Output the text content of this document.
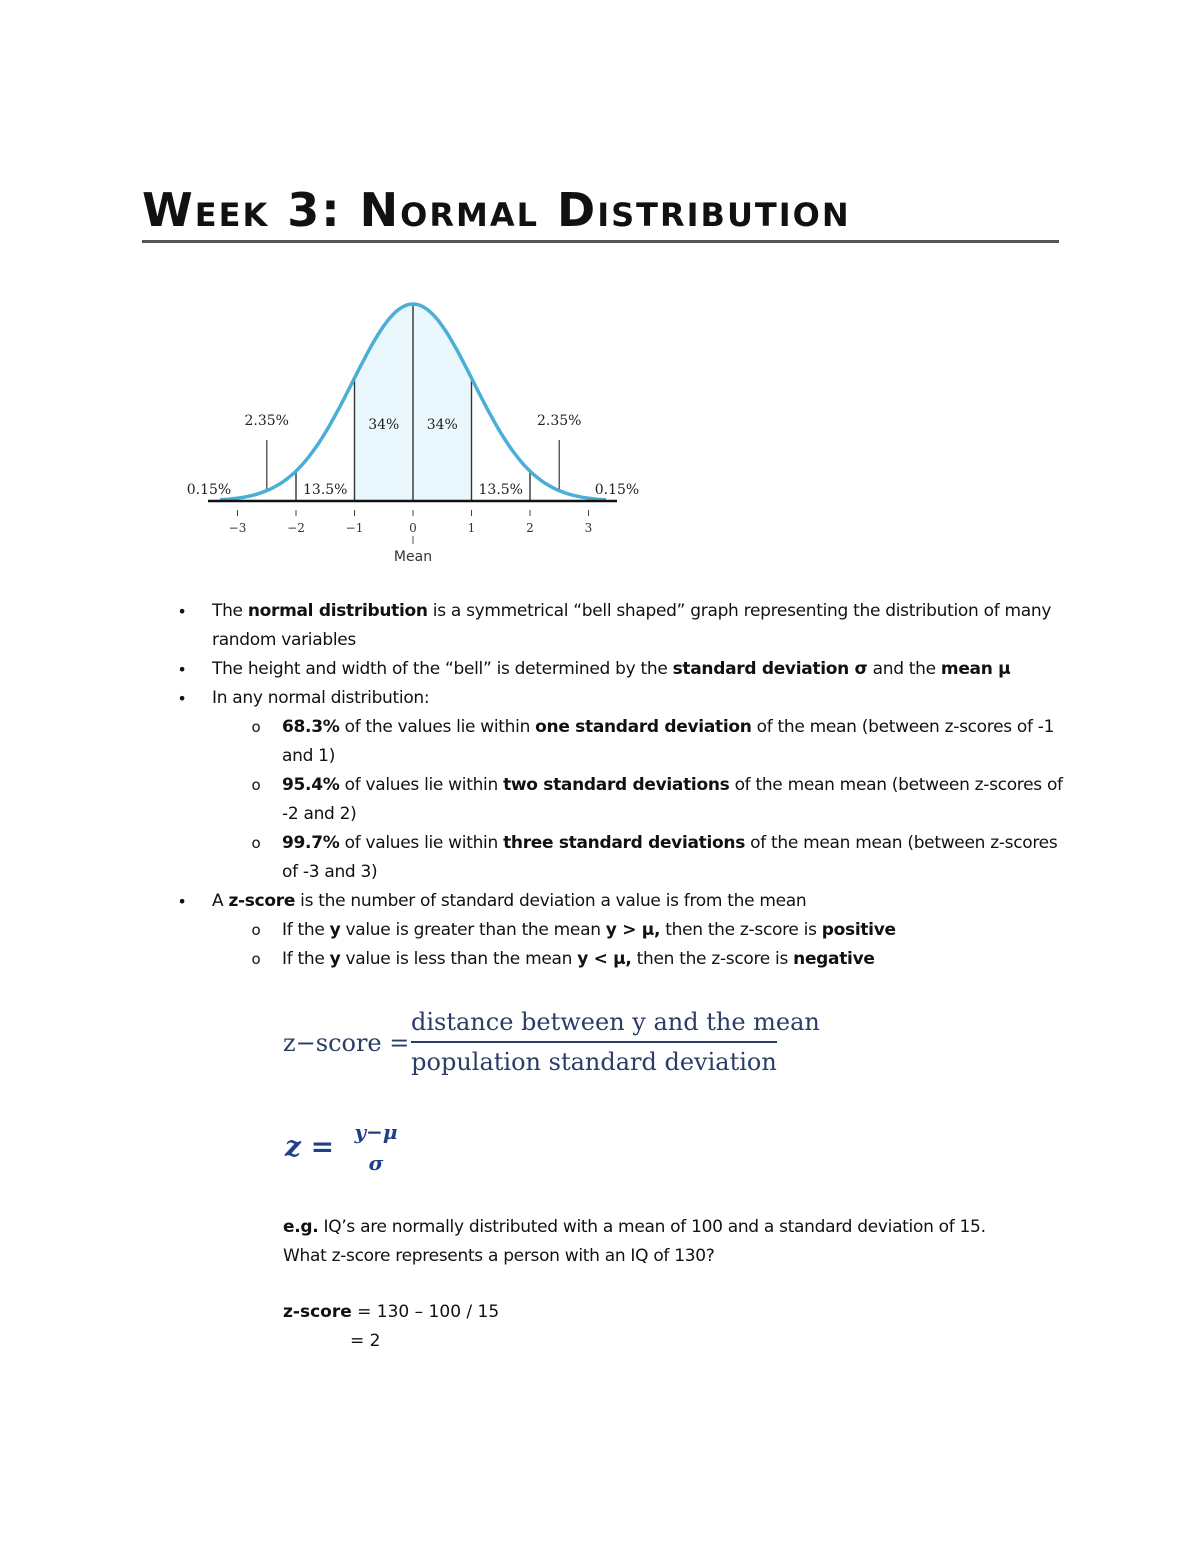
Week 3: Normal Distribution
0.15%
2.35%
13.5%
34% 34%
13.5%
2.35%
0.15%
−3	−2	−1	0	1	2	3
Mean
•	The normal distribution is a symmetrical “bell shaped” graph representing the distribution of many random variables
•	The height and width of the “bell” is determined by the standard deviation σ and the mean μ
•	In any normal distribution:
o 68.3% of the values lie within one standard deviation of the mean (between z-scores of -1 and 1)
o 95.4% of values lie within two standard deviations of the mean mean (between z-scores of -2 and 2)
o 99.7% of values lie within three standard deviations of the mean mean (between z-scores of -3 and 3)
•	A z-score is the number of standard deviation a value is from the mean
o If the y value is greater than the mean y > μ, then the z-score is positive
o If the y value is less than the mean y < μ, then the z-score is negative
z−score =
distance between y and the mean
population standard deviation
z =	y−μ
σ

e.g. IQ’s are normally distributed with a mean of 100 and a standard deviation of 15.

What z-score represents a person with an IQ of 130?

z-score = 130 – 100 / 15
= 2
